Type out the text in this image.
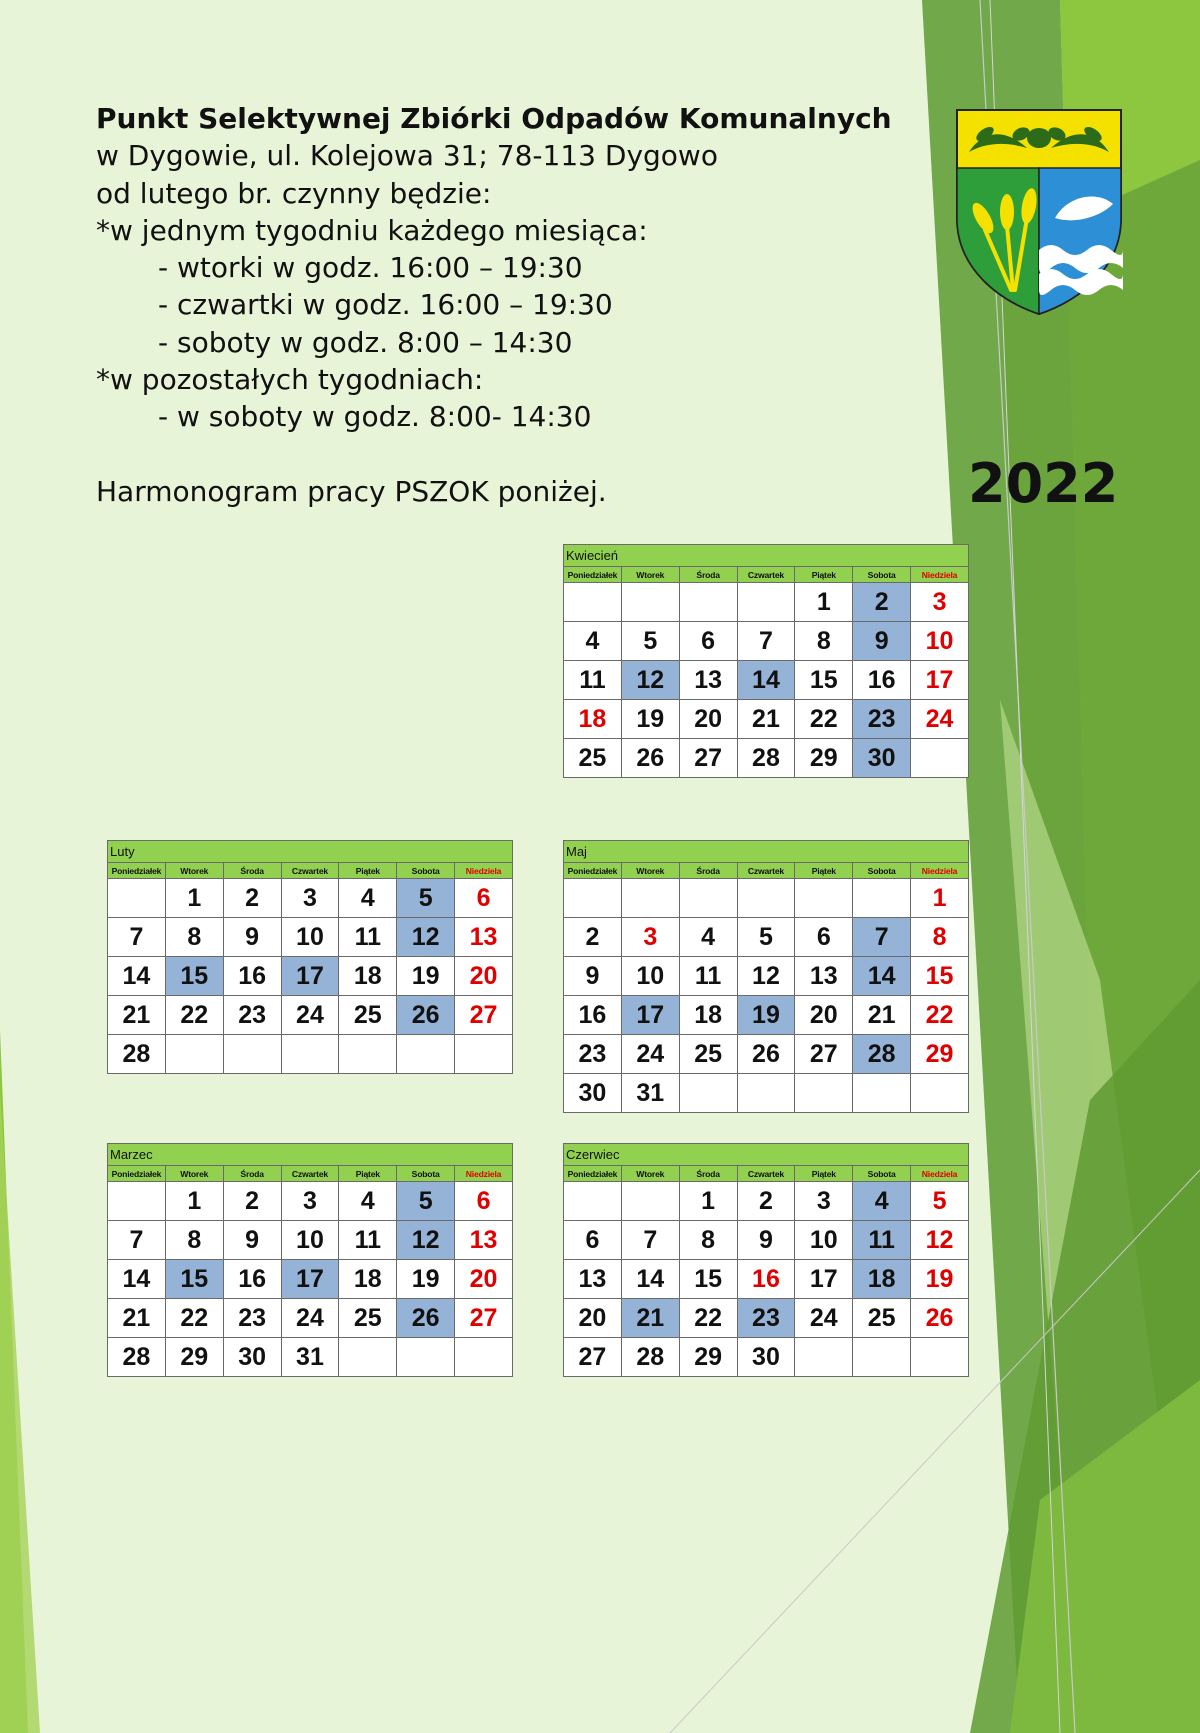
Punkt Selektywnej Zbiórki Odpadów Komunalnych
w Dygowie, ul. Kolejowa 31; 78-113 Dygowo
od lutego br. czynny będzie:
*w jednym tygodniu każdego miesiąca:
- wtorki w godz. 16:00 – 19:30
- czwartki w godz. 16:00 – 19:30
- soboty w godz. 8:00 – 14:30
*w pozostałych tygodniach:
- w soboty w godz. 8:00- 14:30
Harmonogram pracy PSZOK poniżej.	2022
Kwiecień						
Poniedziałek	Wtorek	Środa	Czwartek	Piątek	Sobota	Niedziela
				1	2	3
4	5	6	7	8	9	10
11	12	13	14	15	16	17
18	19	20	21	22	23	24
25	26	27	28	29	30	
Luty						
Poniedziałek	Wtorek	Środa	Czwartek	Piątek	Sobota	Niedziela
	1	2	3	4	5	6
7	8	9	10	11	12	13
14	15	16	17	18	19	20
21	22	23	24	25	26	27
28						
Maj						
Poniedziałek	Wtorek	Środa	Czwartek	Piątek	Sobota	Niedziela
						1
2	3	4	5	6	7	8
9	10	11	12	13	14	15
16	17	18	19	20	21	22
23	24	25	26	27	28	29
30	31					
Marzec						
Poniedziałek	Wtorek	Środa	Czwartek	Piątek	Sobota	Niedziela
	1	2	3	4	5	6
7	8	9	10	11	12	13
14	15	16	17	18	19	20
21	22	23	24	25	26	27
28	29	30	31			
Czerwiec						
Poniedziałek	Wtorek	Środa	Czwartek	Piątek	Sobota	Niedziela
		1	2	3	4	5
6	7	8	9	10	11	12
13	14	15	16	17	18	19
20	21	22	23	24	25	26
27	28	29	30			
